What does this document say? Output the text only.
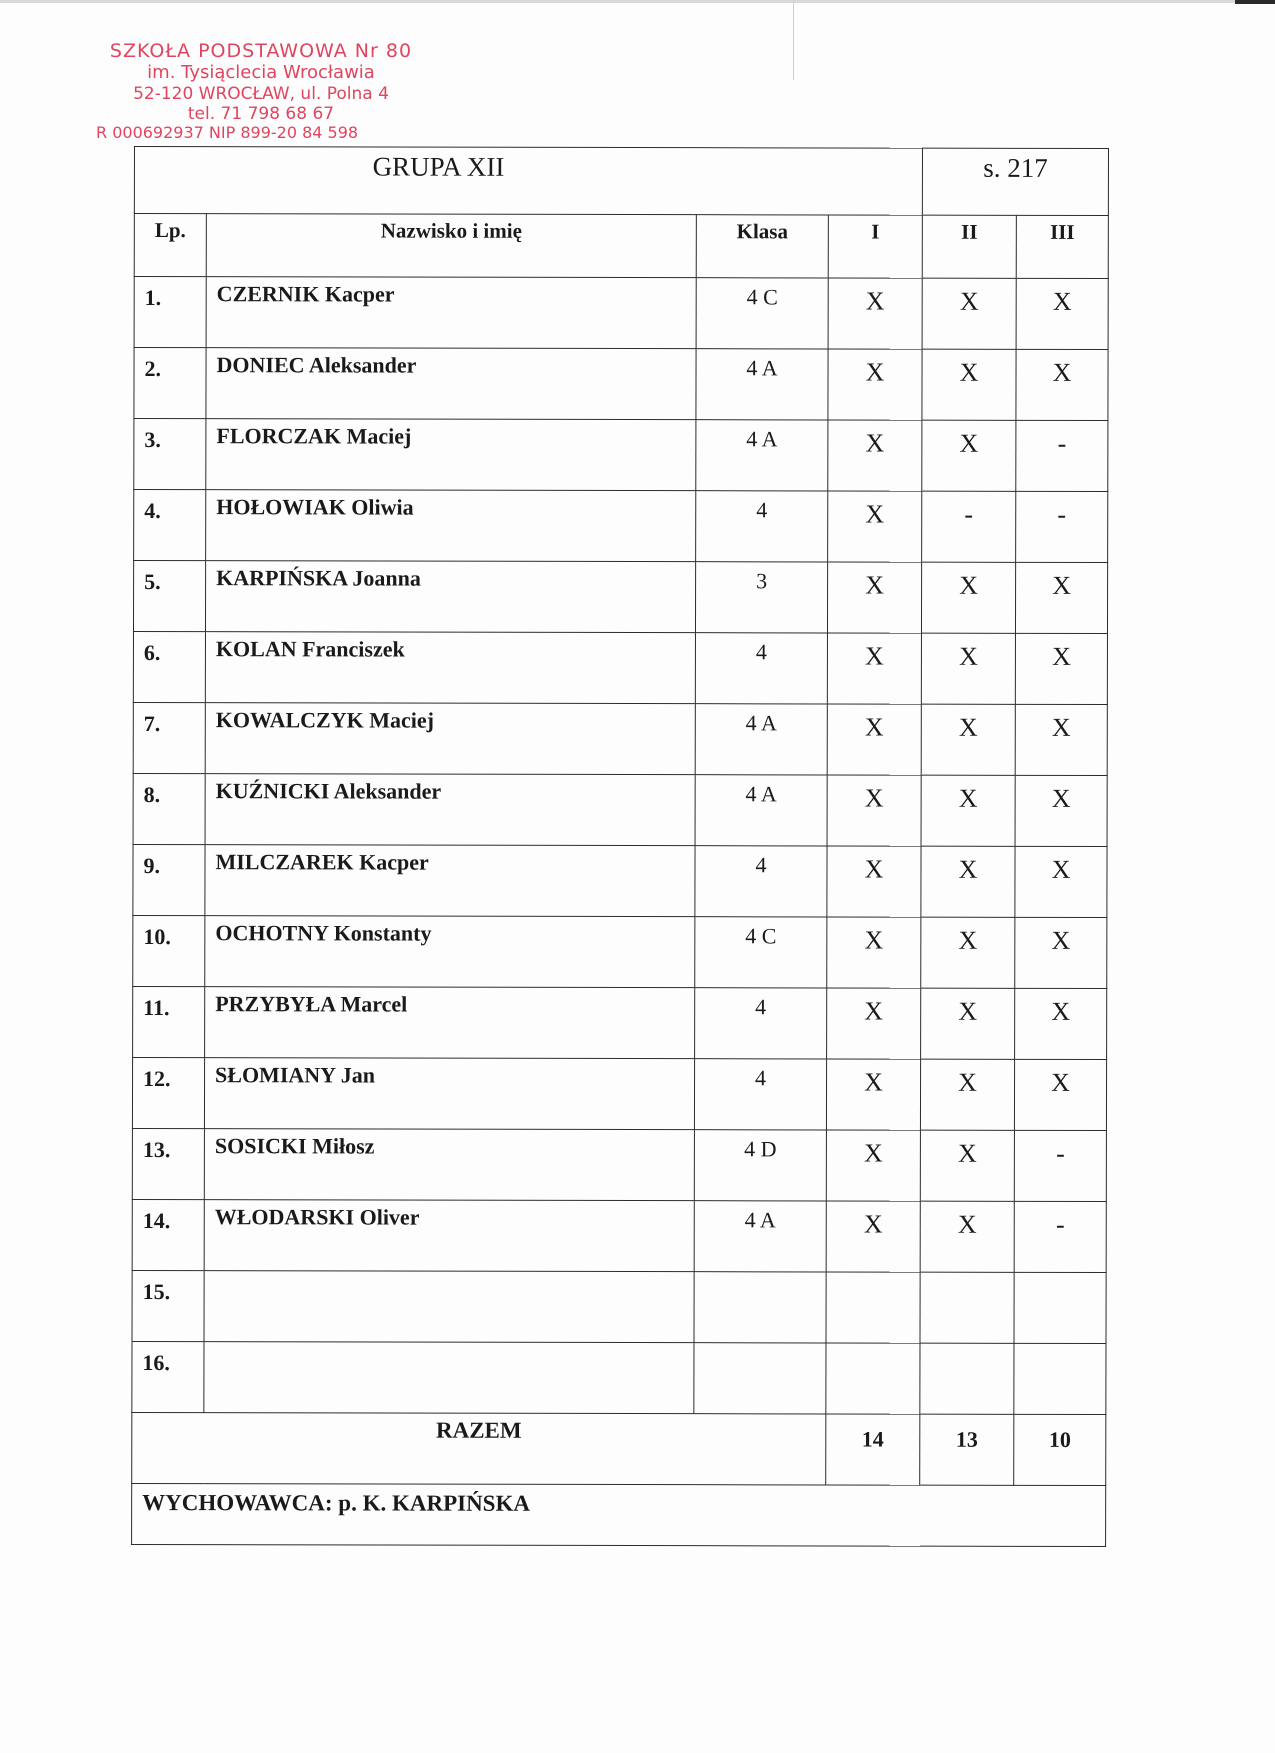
SZKOŁA PODSTAWOWA Nr 80
im. Tysiąclecia Wrocławia
52-120 WROCŁAW, ul. Polna 4
tel. 71 798 68 67
R 000692937 NIP 899-20 84 598
GRUPA XII				s. 217	
Lp.	Nazwisko i imię	Klasa	I	II	III
1.	CZERNIK Kacper	4 C	X	X	X
2.	DONIEC Aleksander	4 A	X	X	X
3.	FLORCZAK Maciej	4 A	X	X	-
4.	HOŁOWIAK Oliwia	4	X	-	-
5.	KARPIŃSKA Joanna	3	X	X	X
6.	KOLAN Franciszek	4	X	X	X
7.	KOWALCZYK Maciej	4 A	X	X	X
8.	KUŹNICKI Aleksander	4 A	X	X	X
9.	MILCZAREK Kacper	4	X	X	X
10.	OCHOTNY Konstanty	4 C	X	X	X
11.	PRZYBYŁA Marcel	4	X	X	X
12.	SŁOMIANY Jan	4	X	X	X
13.	SOSICKI Miłosz	4 D	X	X	-
14.	WŁODARSKI Oliver	4 A	X	X	-
15.					
16.					
RAZEM			14	13	10
WYCHOWAWCA: p. K. KARPIŃSKA					
